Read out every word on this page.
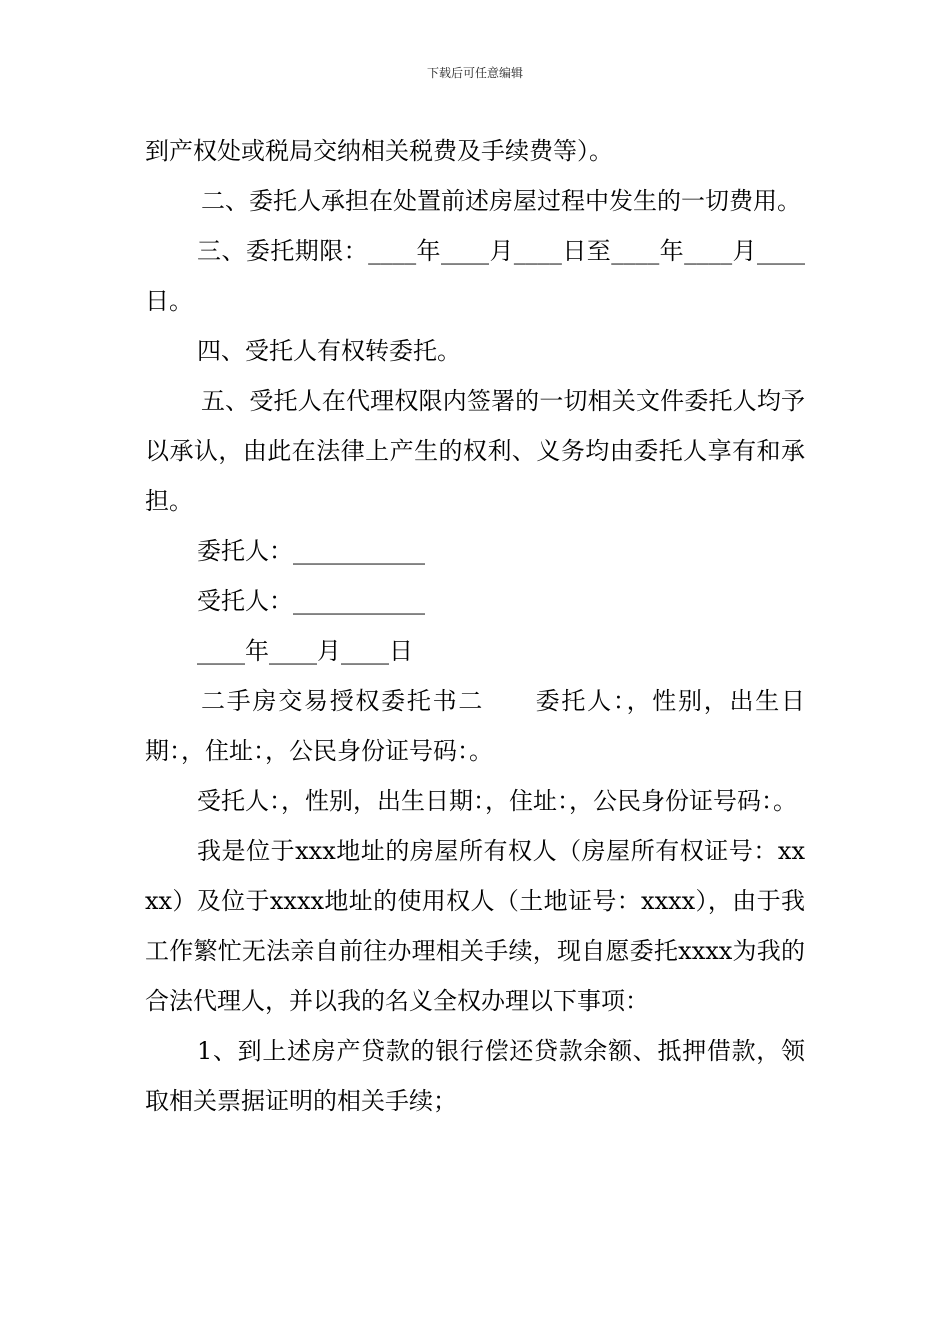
下载后可任意编辑

到产权处或税局交纳相关税费及手续费等）。

二、委托人承担在处置前述房屋过程中发生的一切费用。

三、委托期限：____年____月____日至____年____月____日。

四、受托人有权转委托。

五、受托人在代理权限内签署的一切相关文件委托人均予以承认，由此在法律上产生的权利、义务均由委托人享有和承担。

委托人：___________

受托人：___________

____年____月____日

二手房交易授权委托书二　　委托人：，性别，出生日期：，住址：，公民身份证号码：。

受托人：，性别，出生日期：，住址：，公民身份证号码：。

我是位于xxx地址的房屋所有权人（房屋所有权证号：xxxx）及位于xxxx地址的使用权人（土地证号：xxxx），由于我工作繁忙无法亲自前往办理相关手续，现自愿委托xxxx为我的合法代理人，并以我的名义全权办理以下事项：

1、到上述房产贷款的银行偿还贷款余额、抵押借款，领取相关票据证明的相关手续；
